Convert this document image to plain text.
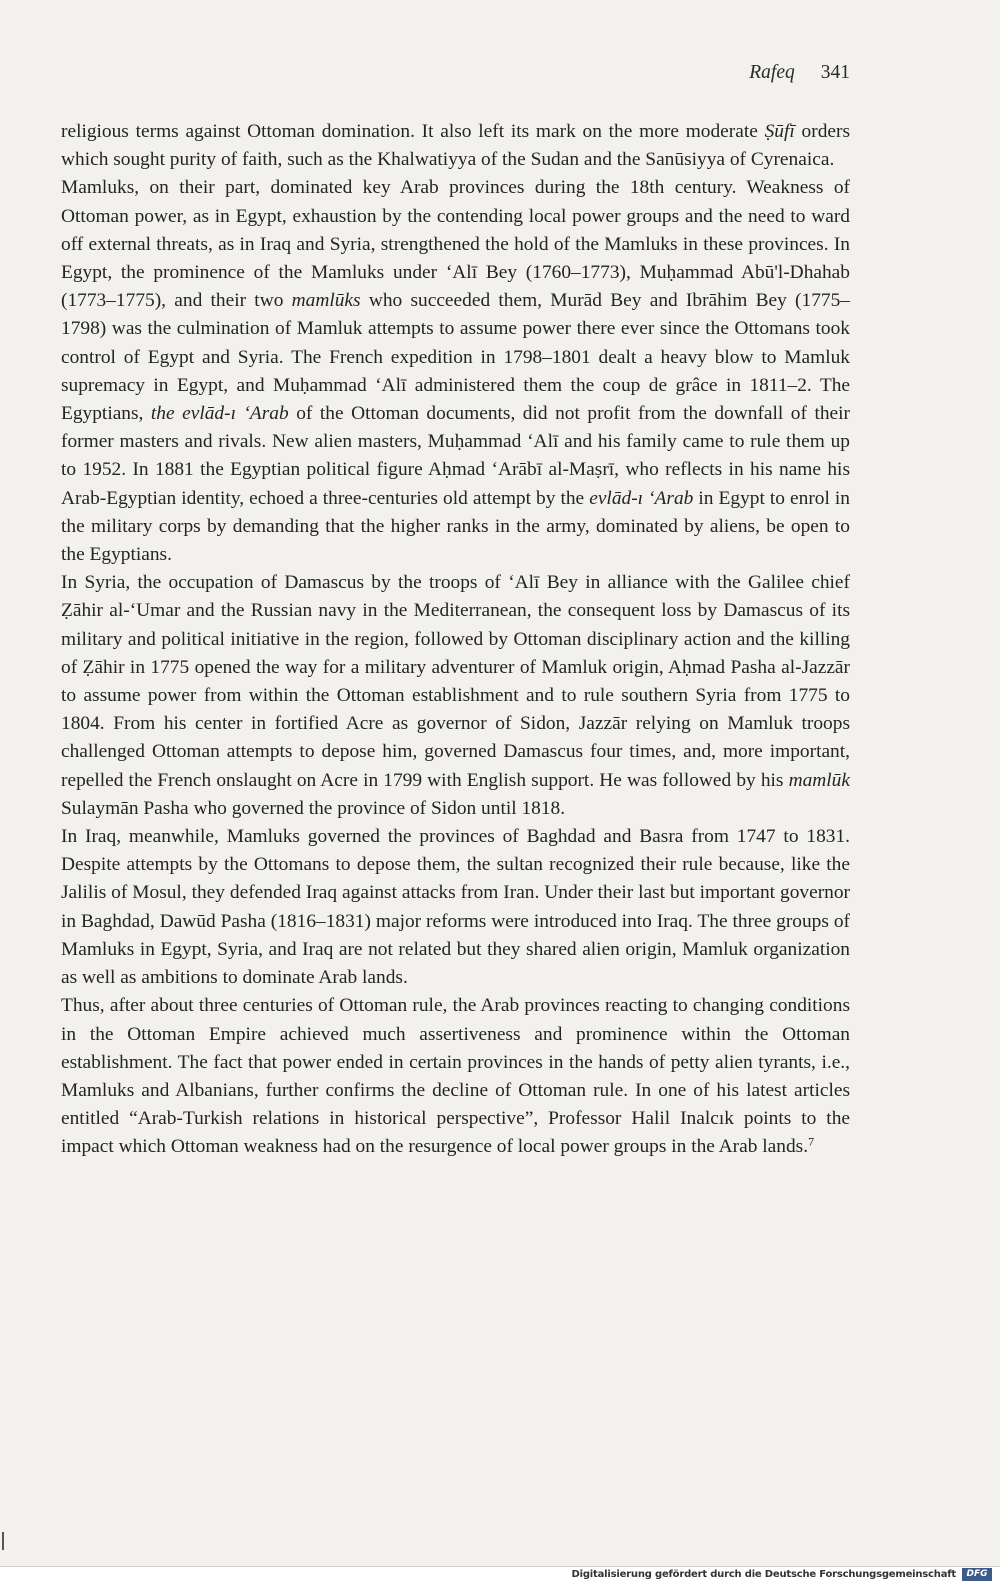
Rafeq 341

religious terms against Ottoman domination. It also left its mark on the more moderate Ṣūfī orders which sought purity of faith, such as the Khalwatiyya of the Sudan and the Sanūsiyya of Cyrenaica.

Mamluks, on their part, dominated key Arab provinces during the 18th century. Weakness of Ottoman power, as in Egypt, exhaustion by the contending local power groups and the need to ward off external threats, as in Iraq and Syria, strengthened the hold of the Mamluks in these provinces. In Egypt, the prominence of the Mamluks under ‘Alī Bey (1760–1773), Muḥammad Abū'l-Dhahab (1773–1775), and their two mamlūks who succeeded them, Murād Bey and Ibrāhim Bey (1775–1798) was the culmination of Mamluk attempts to assume power there ever since the Ottomans took control of Egypt and Syria. The French expedition in 1798–1801 dealt a heavy blow to Mamluk supremacy in Egypt, and Muḥammad ‘Alī administered them the coup de grâce in 1811–2. The Egyptians, the evlād-ı ‘Arab of the Ottoman documents, did not profit from the downfall of their former masters and rivals. New alien masters, Muḥammad ‘Alī and his family came to rule them up to 1952. In 1881 the Egyptian political figure Aḥmad ‘Arābī al-Maṣrī, who reflects in his name his Arab-Egyptian identity, echoed a three-centuries old attempt by the evlād-ı ‘Arab in Egypt to enrol in the military corps by demanding that the higher ranks in the army, dominated by aliens, be open to the Egyptians.

In Syria, the occupation of Damascus by the troops of ‘Alī Bey in alliance with the Galilee chief Ẓāhir al-‘Umar and the Russian navy in the Mediterranean, the consequent loss by Damascus of its military and political initiative in the region, followed by Ottoman disciplinary action and the killing of Ẓāhir in 1775 opened the way for a military adventurer of Mamluk origin, Aḥmad Pasha al-Jazzār to assume power from within the Ottoman establishment and to rule southern Syria from 1775 to 1804. From his center in fortified Acre as governor of Sidon, Jazzār relying on Mamluk troops challenged Ottoman attempts to depose him, governed Damascus four times, and, more important, repelled the French onslaught on Acre in 1799 with English support. He was followed by his mamlūk Sulaymān Pasha who governed the province of Sidon until 1818.

In Iraq, meanwhile, Mamluks governed the provinces of Baghdad and Basra from 1747 to 1831. Despite attempts by the Ottomans to depose them, the sultan recognized their rule because, like the Jalilis of Mosul, they defended Iraq against attacks from Iran. Under their last but important governor in Baghdad, Dawūd Pasha (1816–1831) major reforms were introduced into Iraq. The three groups of Mamluks in Egypt, Syria, and Iraq are not related but they shared alien origin, Mamluk organization as well as ambitions to dominate Arab lands.

Thus, after about three centuries of Ottoman rule, the Arab provinces reacting to changing conditions in the Ottoman Empire achieved much assertiveness and prominence within the Ottoman establishment. The fact that power ended in certain provinces in the hands of petty alien tyrants, i.e., Mamluks and Albanians, further confirms the decline of Ottoman rule. In one of his latest articles entitled “Arab-Turkish relations in historical perspective”, Professor Halil Inalcık points to the impact which Ottoman weakness had on the resurgence of local power groups in the Arab lands.$^7$

Digitalisierung gefördert durch die Deutsche Forschungsgemeinschaft	DFG
